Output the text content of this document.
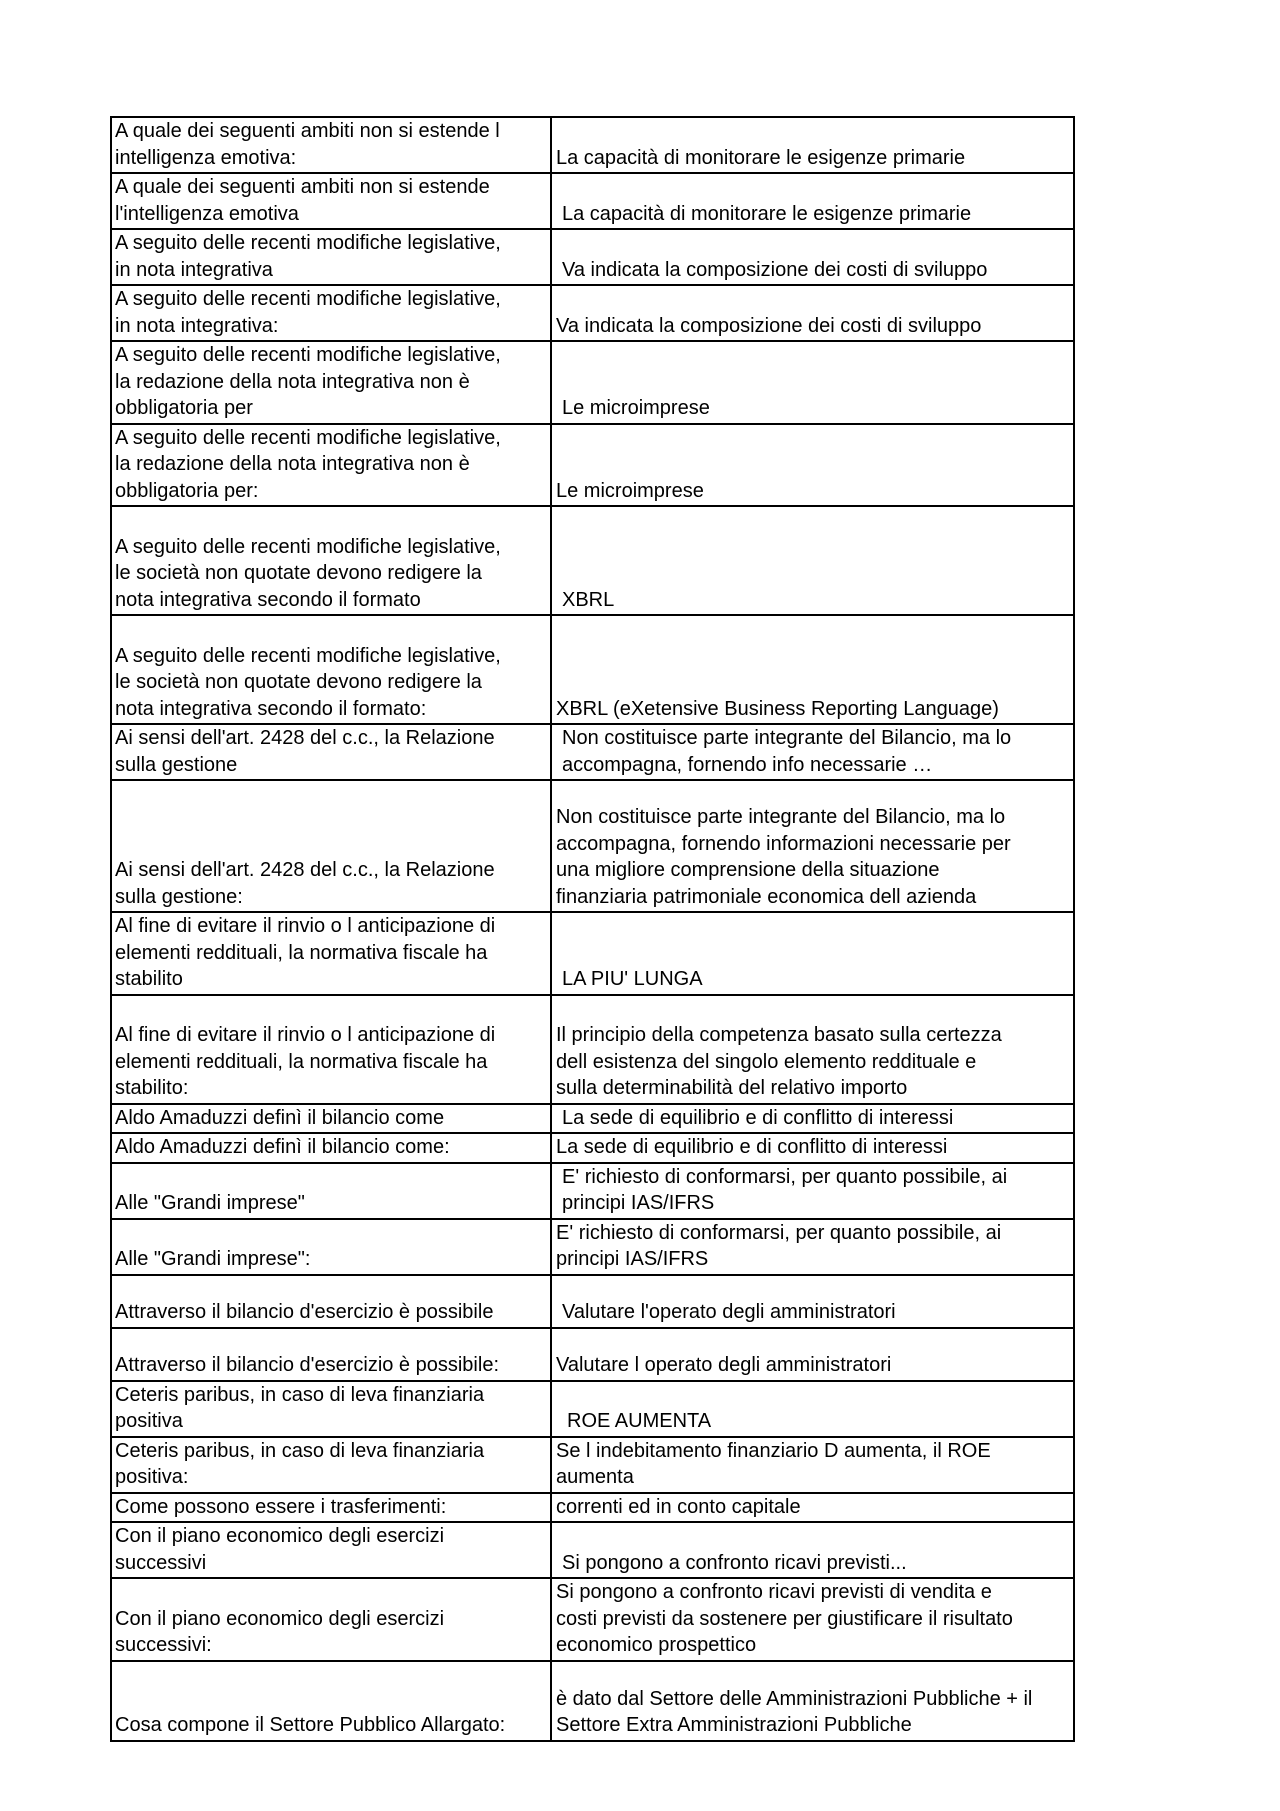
A quale dei seguenti ambiti non si estende l
intelligenza emotiva:	La capacità di monitorare le esigenze primarie
A quale dei seguenti ambiti non si estende
l'intelligenza emotiva	La capacità di monitorare le esigenze primarie
A seguito delle recenti modifiche legislative,
in nota integrativa	Va indicata la composizione dei costi di sviluppo
A seguito delle recenti modifiche legislative,
in nota integrativa:	Va indicata la composizione dei costi di sviluppo
A seguito delle recenti modifiche legislative,
la redazione della nota integrativa non è
obbligatoria per	Le microimprese
A seguito delle recenti modifiche legislative,
la redazione della nota integrativa non è
obbligatoria per:	Le microimprese

A seguito delle recenti modifiche legislative,
le società non quotate devono redigere la
nota integrativa secondo il formato	XBRL

A seguito delle recenti modifiche legislative,
le società non quotate devono redigere la
nota integrativa secondo il formato:	XBRL (eXetensive Business Reporting Language)
Ai sensi dell'art. 2428 del c.c., la Relazione
sulla gestione	Non costituisce parte integrante del Bilancio, ma lo
accompagna, fornendo info necessarie …
Ai sensi dell'art. 2428 del c.c., la Relazione
sulla gestione:	Non costituisce parte integrante del Bilancio, ma lo
accompagna, fornendo informazioni necessarie per
una migliore comprensione della situazione
finanziaria patrimoniale economica dell azienda
Al fine di evitare il rinvio o l anticipazione di
elementi reddituali, la normativa fiscale ha
stabilito	LA PIU' LUNGA

Al fine di evitare il rinvio o l anticipazione di
elementi reddituali, la normativa fiscale ha
stabilito:	Il principio della competenza basato sulla certezza
dell esistenza del singolo elemento reddituale e
sulla determinabilità del relativo importo
Aldo Amaduzzi definì il bilancio come	La sede di equilibrio e di conflitto di interessi
Aldo Amaduzzi definì il bilancio come:	La sede di equilibrio e di conflitto di interessi
Alle "Grandi imprese"	E' richiesto di conformarsi, per quanto possibile, ai
principi IAS/IFRS
Alle "Grandi imprese":	E' richiesto di conformarsi, per quanto possibile, ai
principi IAS/IFRS
Attraverso il bilancio d'esercizio è possibile	Valutare l'operato degli amministratori
Attraverso il bilancio d'esercizio è possibile:	Valutare l operato degli amministratori
Ceteris paribus, in caso di leva finanziaria
positiva	ROE AUMENTA
Ceteris paribus, in caso di leva finanziaria
positiva:	Se l indebitamento finanziario D aumenta, il ROE
aumenta
Come possono essere i trasferimenti:	correnti ed in conto capitale
Con il piano economico degli esercizi
successivi	Si pongono a confronto ricavi previsti...
Con il piano economico degli esercizi
successivi:	Si pongono a confronto ricavi previsti di vendita e
costi previsti da sostenere per giustificare il risultato
economico prospettico
Cosa compone il Settore Pubblico Allargato:	è dato dal Settore delle Amministrazioni Pubbliche + il
Settore Extra Amministrazioni Pubbliche
